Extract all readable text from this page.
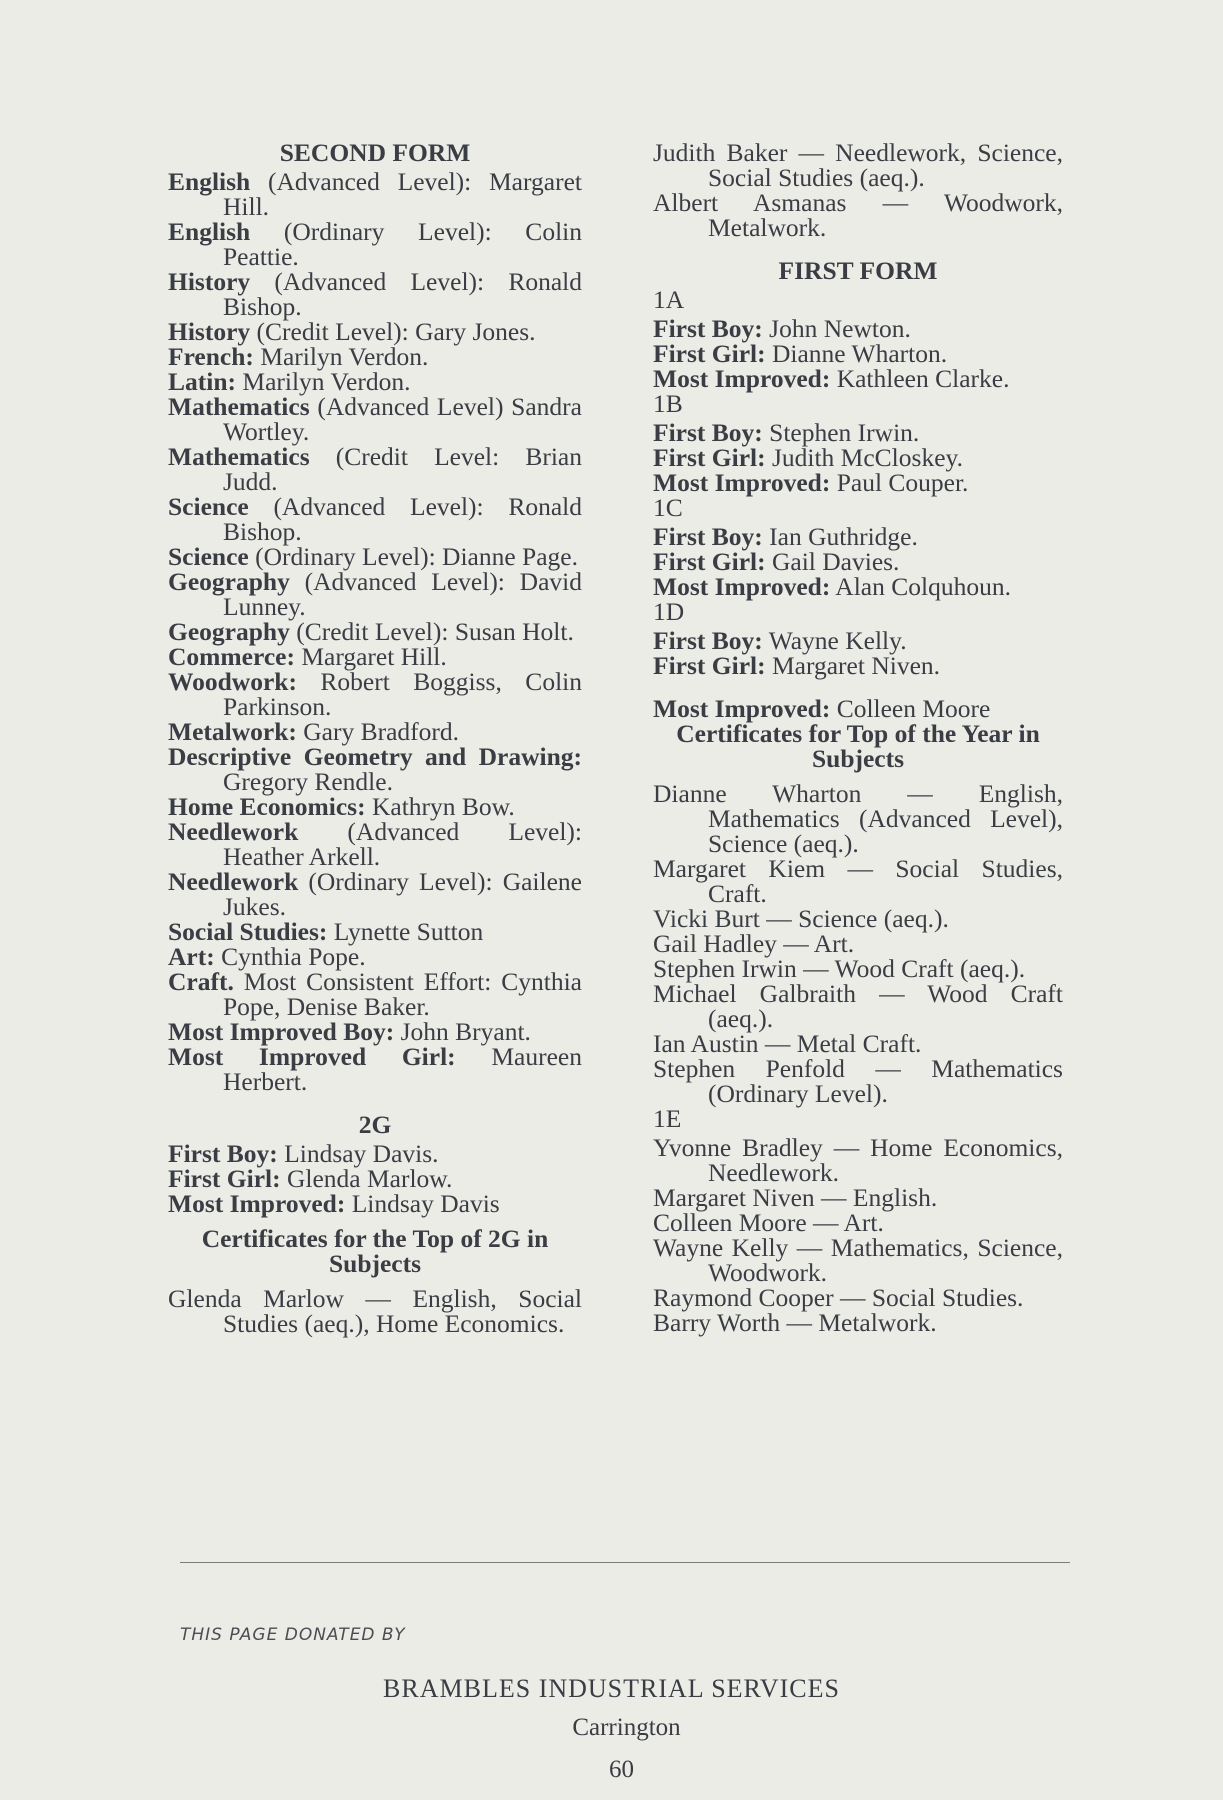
SECOND FORM

English (Advanced Level): Margaret Hill.

English (Ordinary Level): Colin Peattie.

History (Advanced Level): Ronald Bishop.

History (Credit Level): Gary Jones.

French: Marilyn Verdon.

Latin: Marilyn Verdon.

Mathematics (Advanced Level) Sandra Wortley.

Mathematics (Credit Level: Brian Judd.

Science (Advanced Level): Ronald Bishop.

Science (Ordinary Level): Dianne Page.

Geography (Advanced Level): David Lunney.

Geography (Credit Level): Susan Holt.

Commerce: Margaret Hill.

Woodwork: Robert Boggiss, Colin Parkinson.

Metalwork: Gary Bradford.

Descriptive Geometry and Drawing: Gregory Rendle.

Home Economics: Kathryn Bow.

Needlework (Advanced Level): Heather Arkell.

Needlework (Ordinary Level): Gailene Jukes.

Social Studies: Lynette Sutton

Art: Cynthia Pope.

Craft. Most Consistent Effort: Cynthia Pope, Denise Baker.

Most Improved Boy: John Bryant.

Most Improved Girl: Maureen Herbert.

2G

First Boy: Lindsay Davis.

First Girl: Glenda Marlow.

Most Improved: Lindsay Davis

Certificates for the Top of 2G in Subjects

Glenda Marlow — English, Social Studies (aeq.), Home Economics.

Judith Baker — Needlework, Science, Social Studies (aeq.).

Albert Asmanas — Woodwork, Metalwork.

FIRST FORM

1A

First Boy: John Newton.

First Girl: Dianne Wharton.

Most Improved: Kathleen Clarke.

1B

First Boy: Stephen Irwin.

First Girl: Judith McCloskey.

Most Improved: Paul Couper.

1C

First Boy: Ian Guthridge.

First Girl: Gail Davies.

Most Improved: Alan Colquhoun.

1D

First Boy: Wayne Kelly.

First Girl: Margaret Niven.

Most Improved: Colleen Moore

Certificates for Top of the Year in Subjects

Dianne Wharton — English, Mathematics (Advanced Level), Science (aeq.).

Margaret Kiem — Social Studies, Craft.

Vicki Burt — Science (aeq.).

Gail Hadley — Art.

Stephen Irwin — Wood Craft (aeq.).

Michael Galbraith — Wood Craft (aeq.).

Ian Austin — Metal Craft.

Stephen Penfold — Mathematics (Ordinary Level).

1E

Yvonne Bradley — Home Economics, Needlework.

Margaret Niven — English.

Colleen Moore — Art.

Wayne Kelly — Mathematics, Science, Woodwork.

Raymond Cooper — Social Studies.

Barry Worth — Metalwork.

THIS PAGE DONATED BY
BRAMBLES INDUSTRIAL SERVICES
Carrington
60
